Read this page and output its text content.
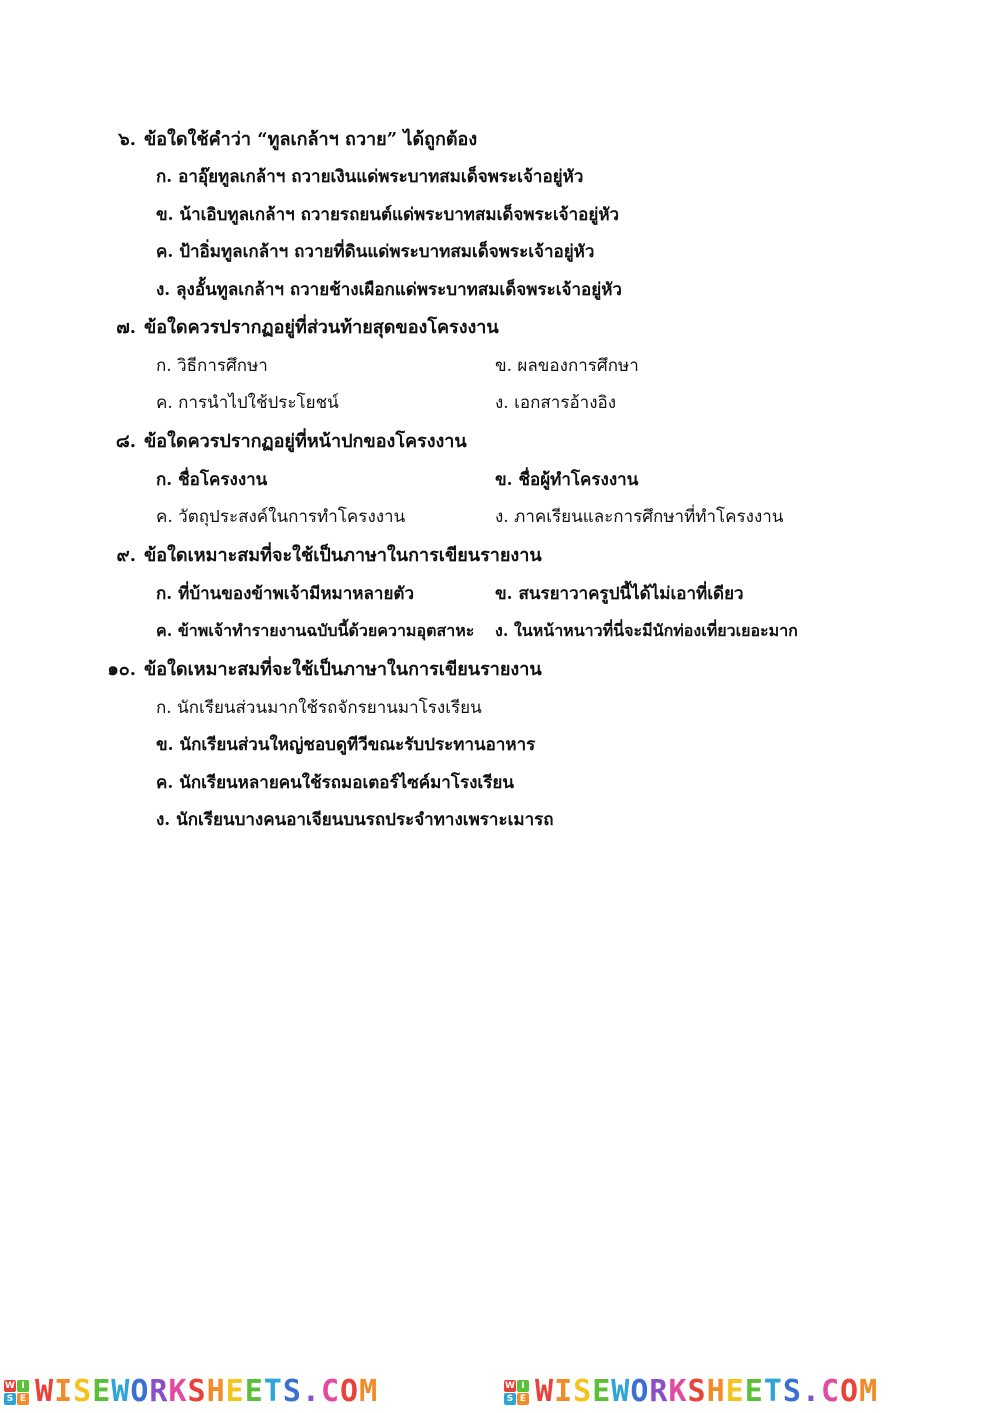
๖. ข้อใดใช้คำว่า “ทูลเกล้าฯ ถวาย” ได้ถูกต้อง
ก. อาอุ๊ยทูลเกล้าฯ ถวายเงินแด่พระบาทสมเด็จพระเจ้าอยู่หัว
ข. น้าเอิบทูลเกล้าฯ ถวายรถยนต์แด่พระบาทสมเด็จพระเจ้าอยู่หัว
ค. ป้าอิ่มทูลเกล้าฯ ถวายที่ดินแด่พระบาทสมเด็จพระเจ้าอยู่หัว
ง. ลุงอั้นทูลเกล้าฯ ถวายช้างเผือกแด่พระบาทสมเด็จพระเจ้าอยู่หัว
๗. ข้อใดควรปรากฏอยู่ที่ส่วนท้ายสุดของโครงงาน
ก. วิธีการศึกษา	ข. ผลของการศึกษา
ค. การนำไปใช้ประโยชน์	ง. เอกสารอ้างอิง
๘. ข้อใดควรปรากฏอยู่ที่หน้าปกของโครงงาน
ก. ชื่อโครงงาน	ข. ชื่อผู้ทำโครงงาน
ค. วัตถุประสงค์ในการทำโครงงาน	ง. ภาคเรียนและการศึกษาที่ทำโครงงาน
๙. ข้อใดเหมาะสมที่จะใช้เป็นภาษาในการเขียนรายงาน
ก. ที่บ้านของข้าพเจ้ามีหมาหลายตัว	ข. สนรยาวาครูปนี้ได้ไม่เอาที่เดียว
ค. ข้าพเจ้าทำรายงานฉบับนี้ด้วยความอุตสาหะ ง. ในหน้าหนาวที่นี่จะมีนักท่องเที่ยวเยอะมาก
๑๐. ข้อใดเหมาะสมที่จะใช้เป็นภาษาในการเขียนรายงาน
ก. นักเรียนส่วนมากใช้รถจักรยานมาโรงเรียน
ข. นักเรียนส่วนใหญ่ชอบดูทีวีขณะรับประทานอาหาร
ค. นักเรียนหลายคนใช้รถมอเตอร์ไซค์มาโรงเรียน
ง. นักเรียนบางคนอาเจียนบนรถประจำทางเพราะเมารถ
W I
S E WISEWORKSHEETS.COM	W I
S E WISEWORKSHEETS.COM
